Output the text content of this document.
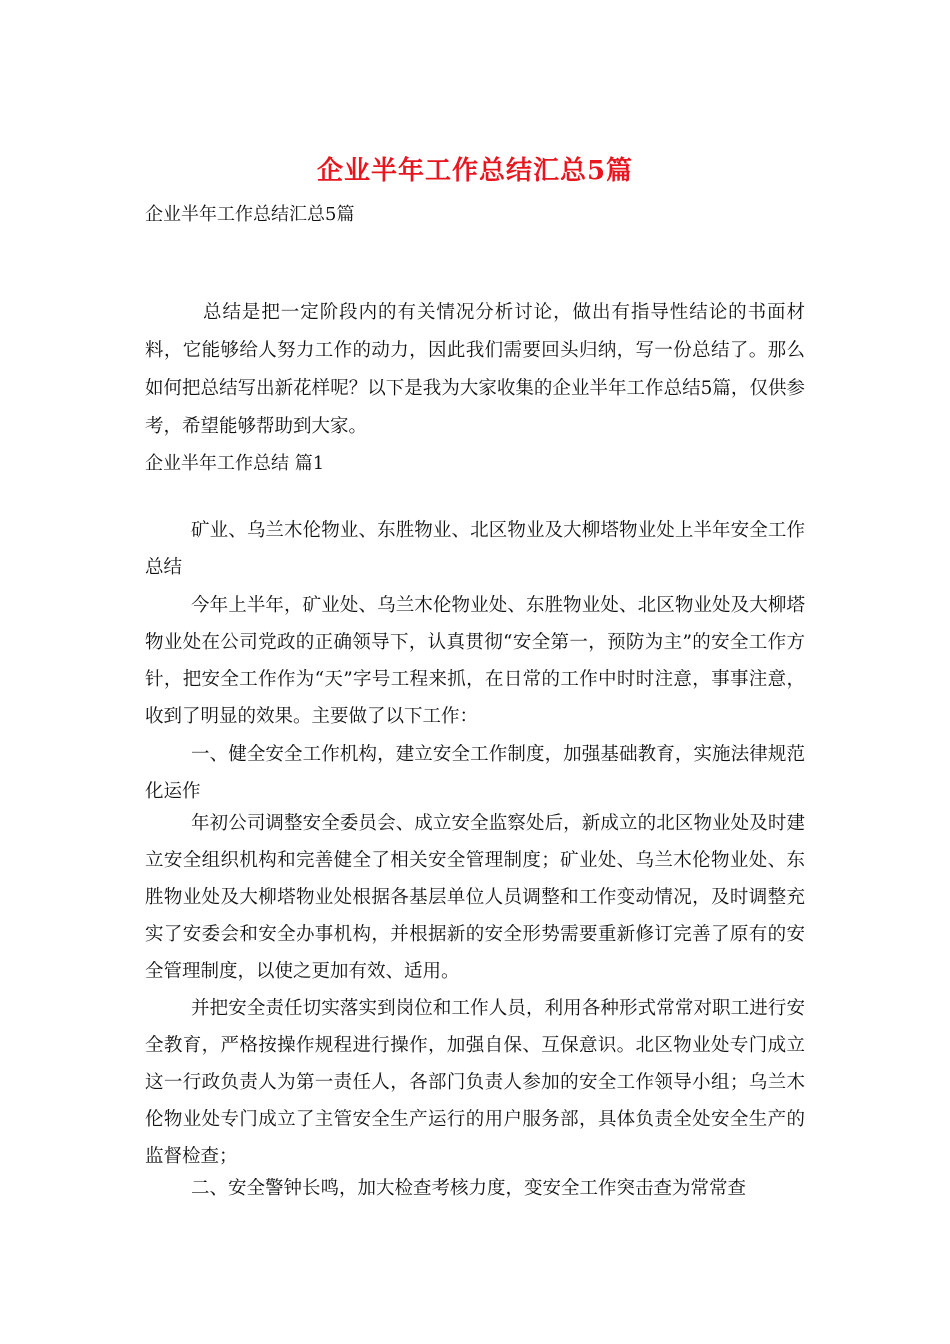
企业半年工作总结汇总5篇
企业半年工作总结汇总5篇

总结是把一定阶段内的有关情况分析讨论，做出有指导性结论的书面材料，它能够给人努力工作的动力，因此我们需要回头归纳，写一份总结了。那么如何把总结写出新花样呢？以下是我为大家收集的企业半年工作总结5篇，仅供参考，希望能够帮助到大家。

企业半年工作总结 篇1

矿业、乌兰木伦物业、东胜物业、北区物业及大柳塔物业处上半年安全工作总结

今年上半年，矿业处、乌兰木伦物业处、东胜物业处、北区物业处及大柳塔物业处在公司党政的正确领导下，认真贯彻“安全第一，预防为主”的安全工作方针，把安全工作作为“天”字号工程来抓，在日常的工作中时时注意，事事注意，收到了明显的效果。主要做了以下工作：

一、健全安全工作机构，建立安全工作制度，加强基础教育，实施法律规范化运作

年初公司调整安全委员会、成立安全监察处后，新成立的北区物业处及时建立安全组织机构和完善健全了相关安全管理制度；矿业处、乌兰木伦物业处、东胜物业处及大柳塔物业处根据各基层单位人员调整和工作变动情况，及时调整充实了安委会和安全办事机构，并根据新的安全形势需要重新修订完善了原有的安全管理制度，以使之更加有效、适用。

并把安全责任切实落实到岗位和工作人员，利用各种形式常常对职工进行安全教育，严格按操作规程进行操作，加强自保、互保意识。北区物业处专门成立这一行政负责人为第一责任人，各部门负责人参加的安全工作领导小组；乌兰木伦物业处专门成立了主管安全生产运行的用户服务部，具体负责全处安全生产的监督检查；

二、安全警钟长鸣，加大检查考核力度，变安全工作突击查为常常查
